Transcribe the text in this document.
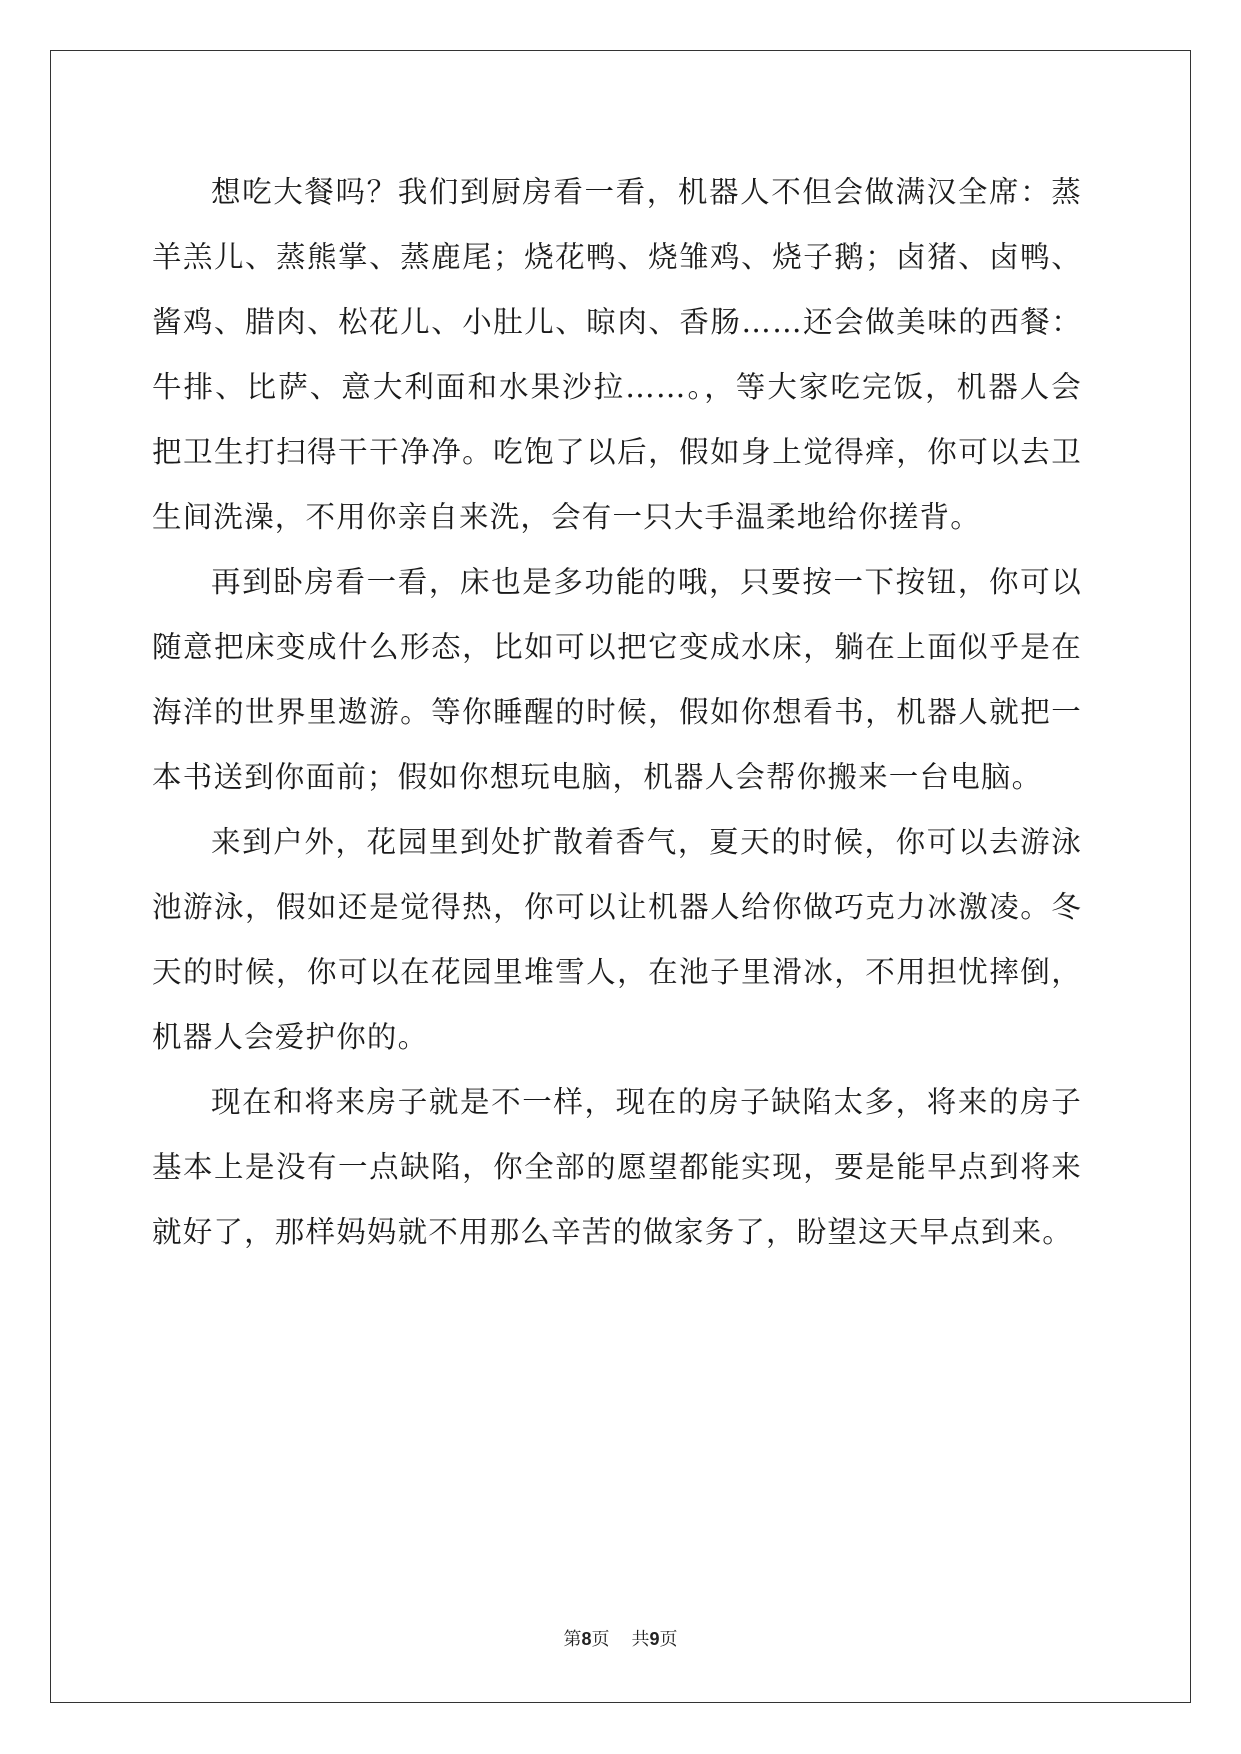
想吃大餐吗？我们到厨房看一看，机器人不但会做满汉全席：蒸羊羔儿、蒸熊掌、蒸鹿尾；烧花鸭、烧雏鸡、烧子鹅；卤猪、卤鸭、酱鸡、腊肉、松花儿、小肚儿、晾肉、香肠……还会做美味的西餐：牛排、比萨、意大利面和水果沙拉……。，等大家吃完饭，机器人会把卫生打扫得干干净净。吃饱了以后，假如身上觉得痒，你可以去卫生间洗澡，不用你亲自来洗，会有一只大手温柔地给你搓背。

再到卧房看一看，床也是多功能的哦，只要按一下按钮，你可以随意把床变成什么形态，比如可以把它变成水床，躺在上面似乎是在海洋的世界里遨游。等你睡醒的时候，假如你想看书，机器人就把一本书送到你面前；假如你想玩电脑，机器人会帮你搬来一台电脑。

来到户外，花园里到处扩散着香气，夏天的时候，你可以去游泳池游泳，假如还是觉得热，你可以让机器人给你做巧克力冰激凌。冬天的时候，你可以在花园里堆雪人，在池子里滑冰，不用担忧摔倒，机器人会爱护你的。

现在和将来房子就是不一样，现在的房子缺陷太多，将来的房子基本上是没有一点缺陷，你全部的愿望都能实现，要是能早点到将来就好了，那样妈妈就不用那么辛苦的做家务了，盼望这天早点到来。

第8页 共9页
